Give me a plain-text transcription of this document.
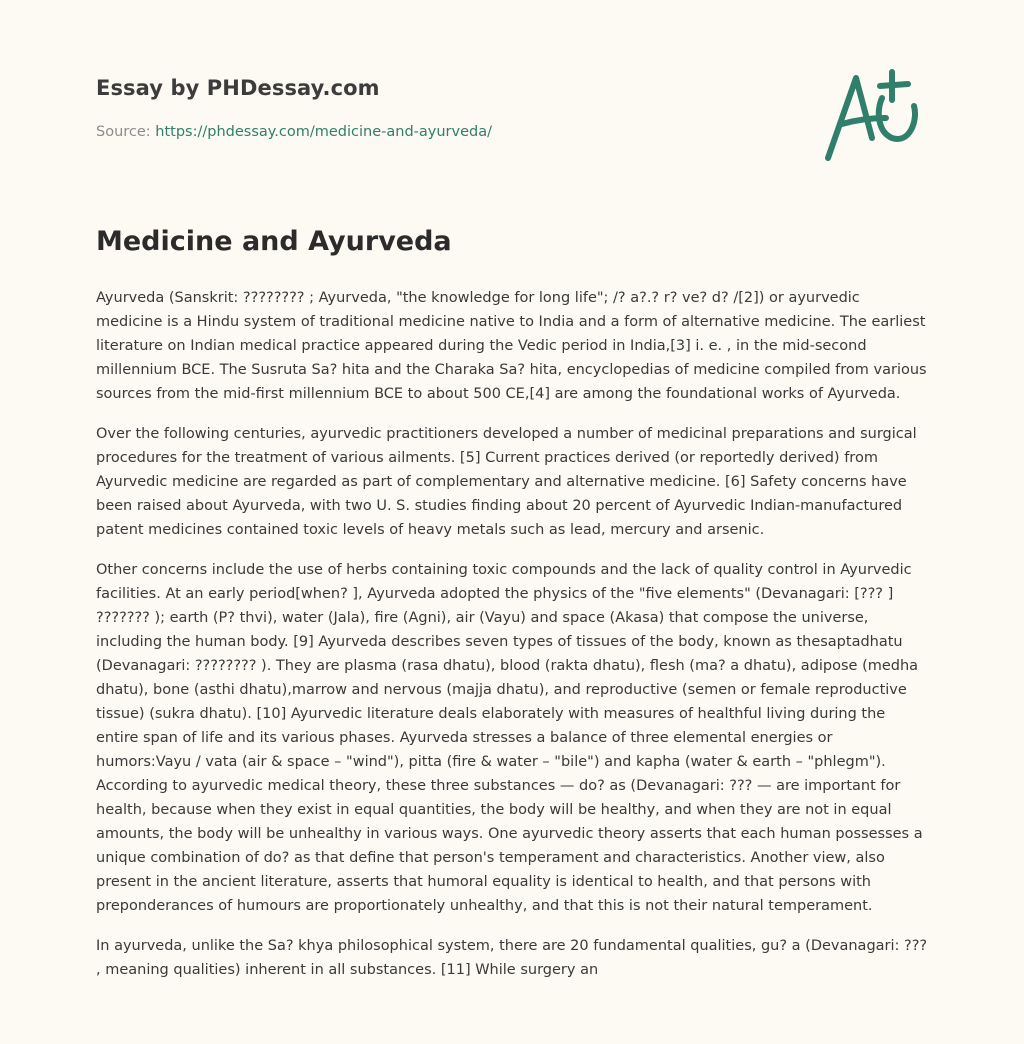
Essay by PHDessay.com
Source: https://phdessay.com/medicine-and-ayurveda/
Medicine and Ayurveda

Ayurveda (Sanskrit: ???????? ; Ayurveda, "the knowledge for long life"; /? a?.? r? ve? d? /[2]) or ayurvedic medicine is a Hindu system of traditional medicine native to India and a form of alternative medicine. The earliest literature on Indian medical practice appeared during the Vedic period in India,[3] i. e. , in the mid-second millennium BCE. The Susruta Sa? hita and the Charaka Sa? hita, encyclopedias of medicine compiled from various sources from the mid-first millennium BCE to about 500 CE,[4] are among the foundational works of Ayurveda.

Over the following centuries, ayurvedic practitioners developed a number of medicinal preparations and surgical procedures for the treatment of various ailments. [5] Current practices derived (or reportedly derived) from Ayurvedic medicine are regarded as part of complementary and alternative medicine. [6] Safety concerns have been raised about Ayurveda, with two U. S. studies finding about 20 percent of Ayurvedic Indian-manufactured patent medicines contained toxic levels of heavy metals such as lead, mercury and arsenic.

Other concerns include the use of herbs containing toxic compounds and the lack of quality control in Ayurvedic facilities. At an early period[when? ], Ayurveda adopted the physics of the "five elements" (Devanagari: [??? ] ??????? ); earth (P? thvi), water (Jala), fire (Agni), air (Vayu) and space (Akasa) that compose the universe, including the human body. [9] Ayurveda describes seven types of tissues of the body, known as thesaptadhatu (Devanagari: ???????? ). They are plasma (rasa dhatu), blood (rakta dhatu), flesh (ma? a dhatu), adipose (medha dhatu), bone (asthi dhatu),marrow and nervous (majja dhatu), and reproductive (semen or female reproductive tissue) (sukra dhatu). [10] Ayurvedic literature deals elaborately with measures of healthful living during the entire span of life and its various phases. Ayurveda stresses a balance of three elemental energies or humors:Vayu / vata (air & space – "wind"), pitta (fire & water – "bile") and kapha (water & earth – "phlegm"). According to ayurvedic medical theory, these three substances — do? as (Devanagari: ??? — are important for health, because when they exist in equal quantities, the body will be healthy, and when they are not in equal amounts, the body will be unhealthy in various ways. One ayurvedic theory asserts that each human possesses a unique combination of do? as that define that person's temperament and characteristics. Another view, also present in the ancient literature, asserts that humoral equality is identical to health, and that persons with preponderances of humours are proportionately unhealthy, and that this is not their natural temperament.

In ayurveda, unlike the Sa? khya philosophical system, there are 20 fundamental qualities, gu? a (Devanagari: ??? , meaning qualities) inherent in all substances. [11] While surgery an
